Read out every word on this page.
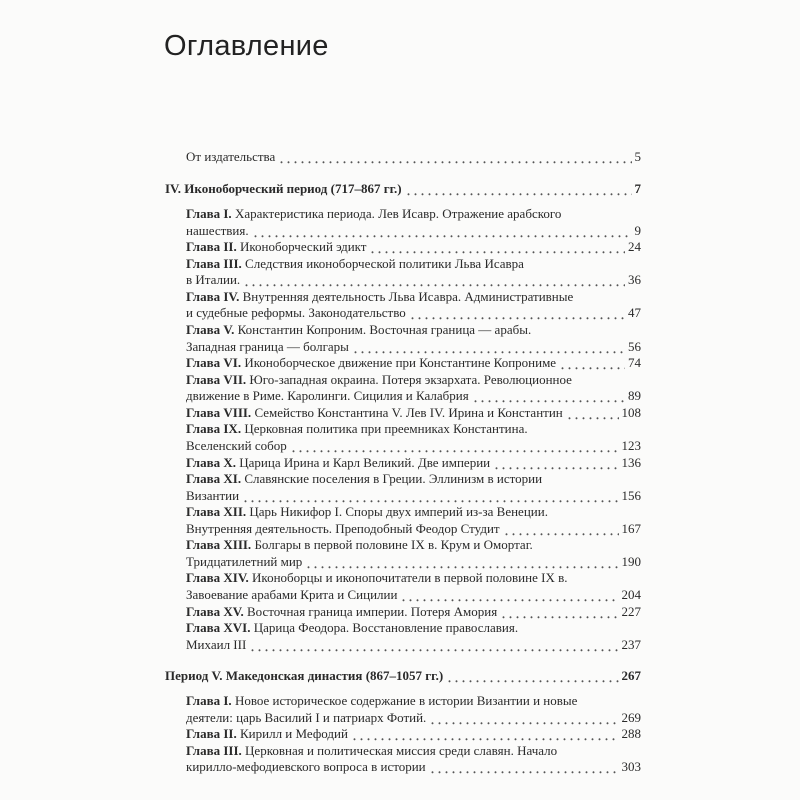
Оглавление
От издательства	5
IV. Иконоборческий период (717–867 гг.)	7
Глава I. Характеристика периода. Лев Исавр. Отражение арабского
нашествия.	9
Глава II. Иконоборческий эдикт	24
Глава III. Следствия иконоборческой политики Льва Исавра
в Италии.	36
Глава IV. Внутренняя деятельность Льва Исавра. Административные
и судебные реформы. Законодательство	47
Глава V. Константин Копроним. Восточная граница — арабы.
Западная граница — болгары	56
Глава VI. Иконоборческое движение при Константине Копрониме	74
Глава VII. Юго-западная окраина. Потеря экзархата. Революционное
движение в Риме. Каролинги. Сицилия и Калабрия	89
Глава VIII. Семейство Константина V. Лев IV. Ирина и Константин	108
Глава IX. Церковная политика при преемниках Константина.
Вселенский собор	123
Глава X. Царица Ирина и Карл Великий. Две империи	136
Глава XI. Славянские поселения в Греции. Эллинизм в истории
Византии	156
Глава XII. Царь Никифор I. Споры двух империй из-за Венеции.
Внутренняя деятельность. Преподобный Феодор Студит	167
Глава XIII. Болгары в первой половине IX в. Крум и Омортаг.
Тридцатилетний мир	190
Глава XIV. Иконоборцы и иконопочитатели в первой половине IX в.
Завоевание арабами Крита и Сицилии	204
Глава XV. Восточная граница империи. Потеря Амория	227
Глава XVI. Царица Феодора. Восстановление православия.
Михаил III	237
Период V. Македонская династия (867–1057 гг.)	267
Глава I. Новое историческое содержание в истории Византии и новые
деятели: царь Василий I и патриарх Фотий.	269
Глава II. Кирилл и Мефодий	288
Глава III. Церковная и политическая миссия среди славян. Начало
кирилло-мефодиевского вопроса в истории	303
